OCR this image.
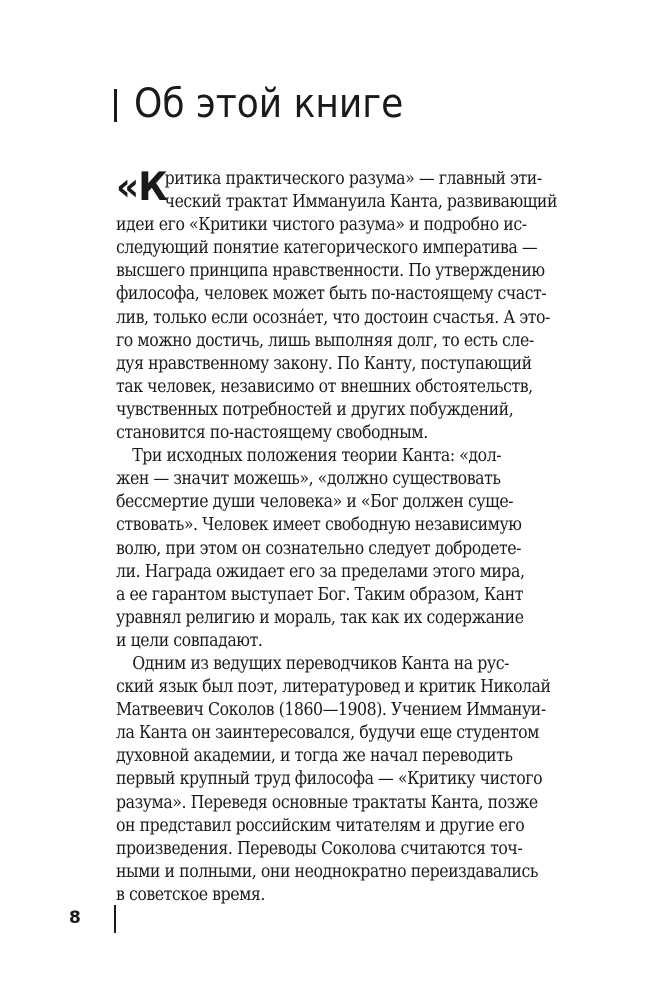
Об этой книге
«К
ритика практического разума» — главный эти-
ческий трактат Иммануила Канта, развивающий
идеи его «Критики чистого разума» и подробно ис-
следующий понятие категорического императива —
высшего принципа нравственности. По утверждению
философа, человек может быть по-настоящему счаст-
лив, только если осознáет, что достоин счастья. А это-
го можно достичь, лишь выполняя долг, то есть сле-
дуя нравственному закону. По Канту, поступающий
так человек, независимо от внешних обстоятельств,
чувственных потребностей и других побуждений,
становится по-настоящему свободным.
Три исходных положения теории Канта: «дол-
жен — значит можешь», «должно существовать
бессмертие души человека» и «Бог должен суще-
ствовать». Человек имеет свободную независимую
волю, при этом он сознательно следует добродете-
ли. Награда ожидает его за пределами этого мира,
а ее гарантом выступает Бог. Таким образом, Кант
уравнял религию и мораль, так как их содержание
и цели совпадают.
Одним из ведущих переводчиков Канта на рус-
ский язык был поэт, литературовед и критик Николай
Матвеевич Соколов (1860—1908). Учением Иммануи-
ла Канта он заинтересовался, будучи еще студентом
духовной академии, и тогда же начал переводить
первый крупный труд философа — «Критику чистого
разума». Переведя основные трактаты Канта, позже
он представил российским читателям и другие его
произведения. Переводы Соколова считаются точ-
ными и полными, они неоднократно переиздавались
в советское время.
8
